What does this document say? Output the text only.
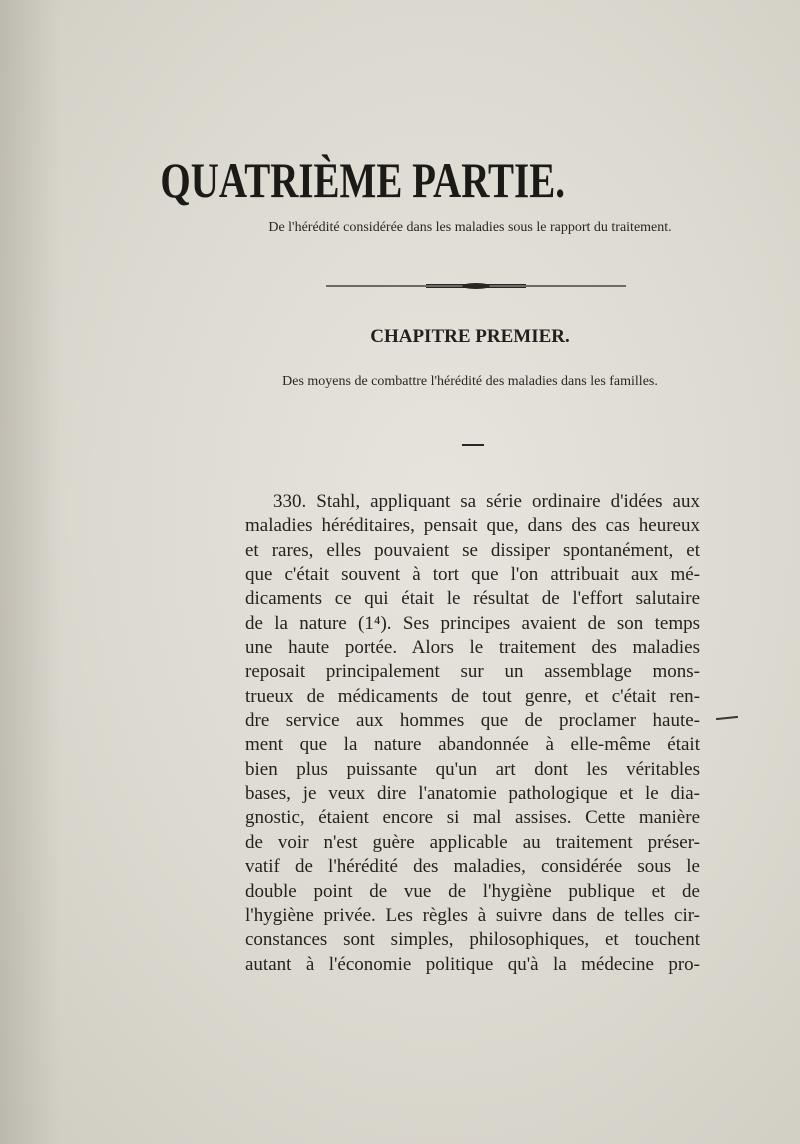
QUATRIÈME PARTIE.

De l'hérédité considérée dans les maladies sous le rapport du traitement.

CHAPITRE PREMIER.

Des moyens de combattre l'hérédité des maladies dans les familles.

330. Stahl, appliquant sa série ordinaire d'idées aux
maladies héréditaires, pensait que, dans des cas heureux
et rares, elles pouvaient se dissiper spontanément, et
que c'était souvent à tort que l'on attribuait aux mé-
dicaments ce qui était le résultat de l'effort salutaire
de la nature (1⁴). Ses principes avaient de son temps
une haute portée. Alors le traitement des maladies
reposait principalement sur un assemblage mons-
trueux de médicaments de tout genre, et c'était ren-
dre service aux hommes que de proclamer haute-
ment que la nature abandonnée à elle-même était
bien plus puissante qu'un art dont les véritables
bases, je veux dire l'anatomie pathologique et le dia-
gnostic, étaient encore si mal assises. Cette manière
de voir n'est guère applicable au traitement préser-
vatif de l'hérédité des maladies, considérée sous le
double point de vue de l'hygiène publique et de
l'hygiène privée. Les règles à suivre dans de telles cir-
constances sont simples, philosophiques, et touchent
autant à l'économie politique qu'à la médecine pro-
